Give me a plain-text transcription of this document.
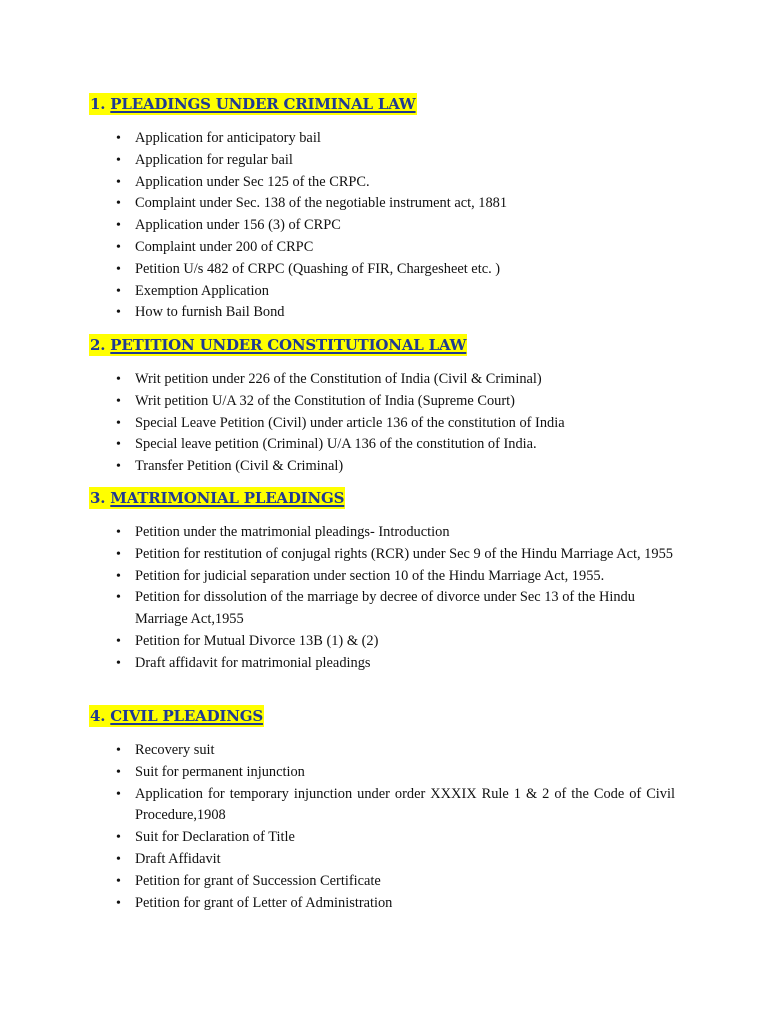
1. PLEADINGS UNDER CRIMINAL LAW
• Application for anticipatory bail
• Application for regular bail
• Application under Sec 125 of the CRPC.
• Complaint under Sec. 138 of the negotiable instrument act, 1881
• Application under 156 (3) of CRPC
• Complaint under 200 of CRPC
• Petition U/s 482 of CRPC (Quashing of FIR, Chargesheet etc. )
• Exemption Application
• How to furnish Bail Bond
2. PETITION UNDER CONSTITUTIONAL LAW
• Writ petition under 226 of the Constitution of India (Civil & Criminal)
• Writ petition U/A 32 of the Constitution of India (Supreme Court)
• Special Leave Petition (Civil) under article 136 of the constitution of India
• Special leave petition (Criminal) U/A 136 of the constitution of India.
• Transfer Petition (Civil & Criminal)
3. MATRIMONIAL PLEADINGS
• Petition under the matrimonial pleadings- Introduction
• Petition for restitution of conjugal rights (RCR) under Sec 9 of the Hindu Marriage Act, 1955
• Petition for judicial separation under section 10 of the Hindu Marriage Act, 1955.
• Petition for dissolution of the marriage by decree of divorce under Sec 13 of the Hindu Marriage Act,1955
• Petition for Mutual Divorce 13B (1) & (2)
• Draft affidavit for matrimonial pleadings
4. CIVIL PLEADINGS
• Recovery suit
• Suit for permanent injunction
• Application for temporary injunction under order XXXIX Rule 1 & 2 of the Code of Civil Procedure,1908
• Suit for Declaration of Title
• Draft Affidavit
• Petition for grant of Succession Certificate
• Petition for grant of Letter of Administration
